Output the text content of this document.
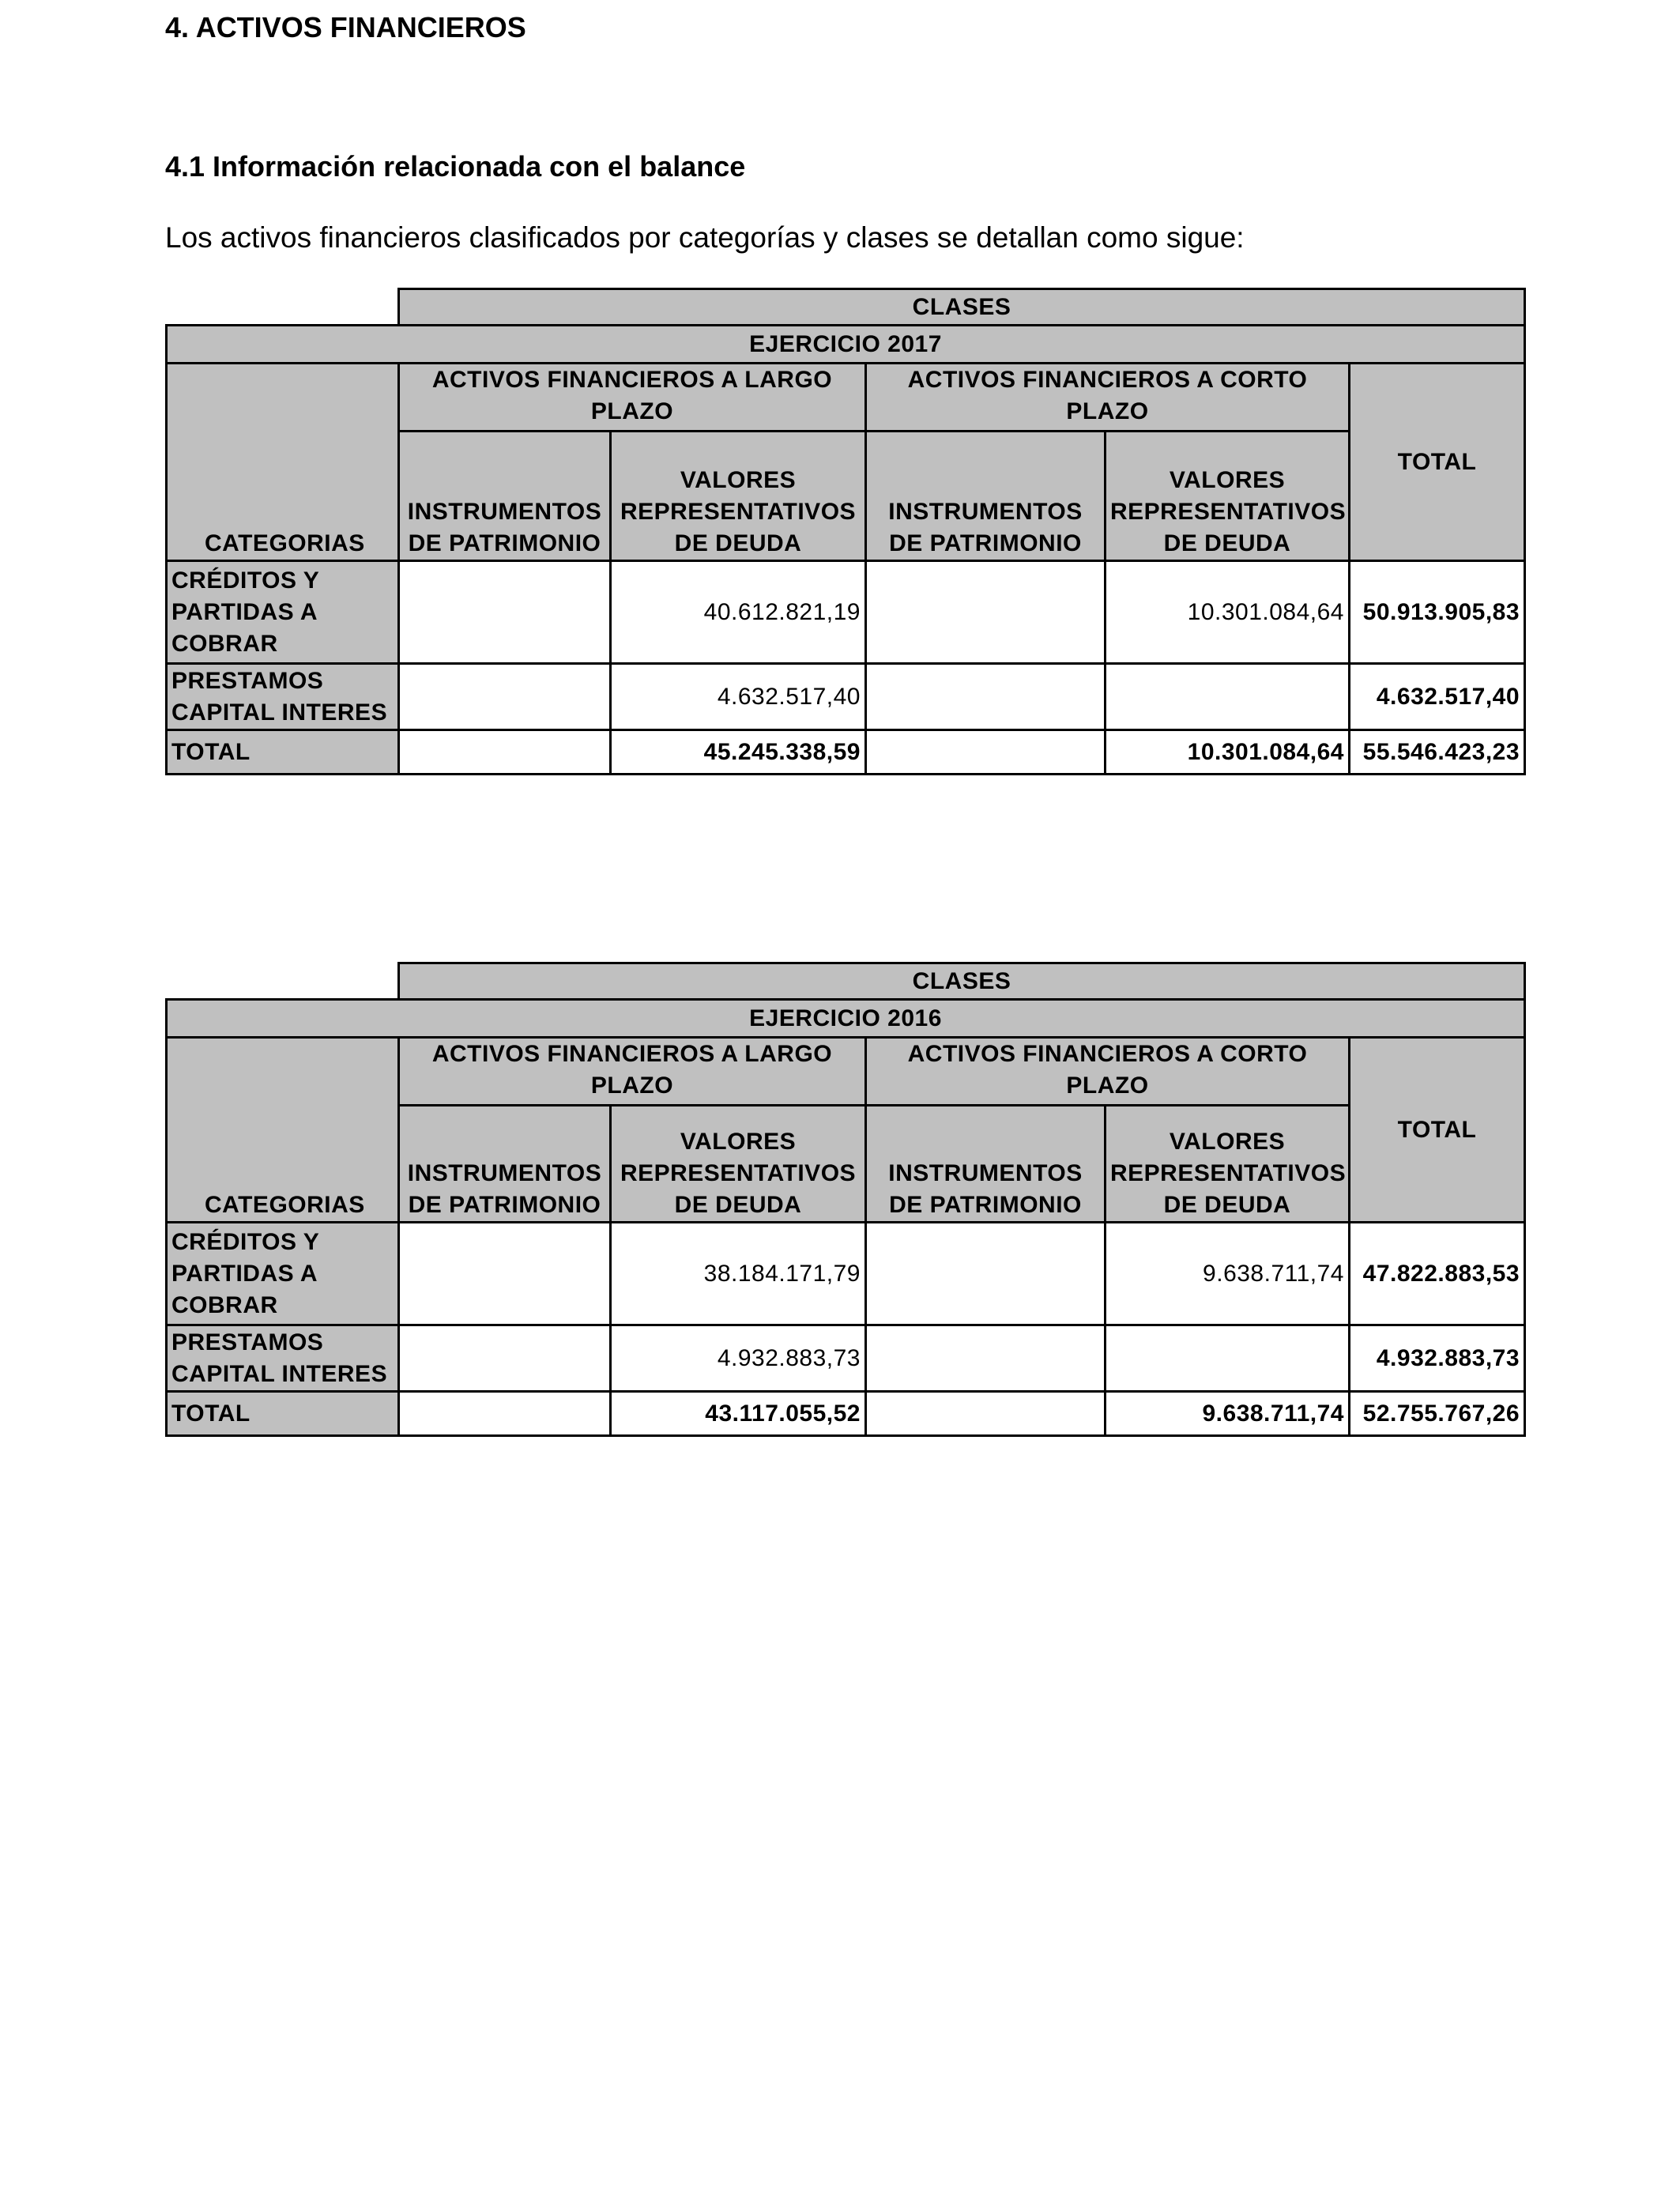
4. ACTIVOS FINANCIEROS
4.1 Información relacionada con el balance
Los activos financieros clasificados por categorías y clases se detallan como sigue:
	CLASES				
EJERCICIO 2017					
CATEGORIAS	ACTIVOS FINANCIEROS A LARGO PLAZO		ACTIVOS FINANCIEROS A CORTO PLAZO		TOTAL
	INSTRUMENTOS DE PATRIMONIO	VALORES REPRESENTATIVOS DE DEUDA	INSTRUMENTOS DE PATRIMONIO	VALORES REPRESENTATIVOS DE DEUDA	
CRÉDITOS Y PARTIDAS A COBRAR		40.612.821,19		10.301.084,64	50.913.905,83
PRESTAMOS CAPITAL INTERES		4.632.517,40			4.632.517,40
TOTAL		45.245.338,59		10.301.084,64	55.546.423,23
	CLASES				
EJERCICIO 2016					
CATEGORIAS	ACTIVOS FINANCIEROS A LARGO PLAZO		ACTIVOS FINANCIEROS A CORTO PLAZO		TOTAL
	INSTRUMENTOS DE PATRIMONIO	VALORES REPRESENTATIVOS DE DEUDA	INSTRUMENTOS DE PATRIMONIO	VALORES REPRESENTATIVOS DE DEUDA	
CRÉDITOS Y PARTIDAS A COBRAR		38.184.171,79		9.638.711,74	47.822.883,53
PRESTAMOS CAPITAL INTERES		4.932.883,73			4.932.883,73
TOTAL		43.117.055,52		9.638.711,74	52.755.767,26
